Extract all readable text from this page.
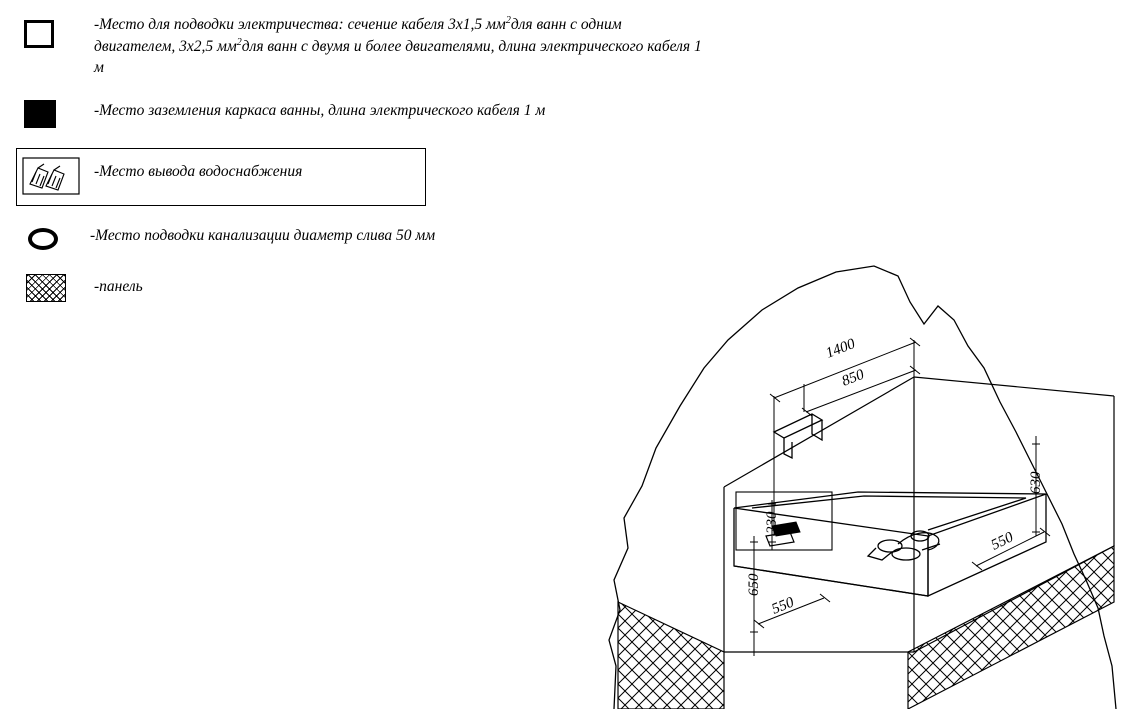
-Место для подводки электричества: сечение кабеля 3х1,5 $мм^2для$ ванн с одним двигателем, 3х2,5 $мм^2для$ ванн с двумя и более двигателями, длина электрического кабеля 1 м
-Место заземления каркаса ванны, длина электрического кабеля 1 м
-Место вывода водоснабжения
-Место подводки канализации диаметр слива 50 мм
-панель
1400
850
630
650
230
550
550
